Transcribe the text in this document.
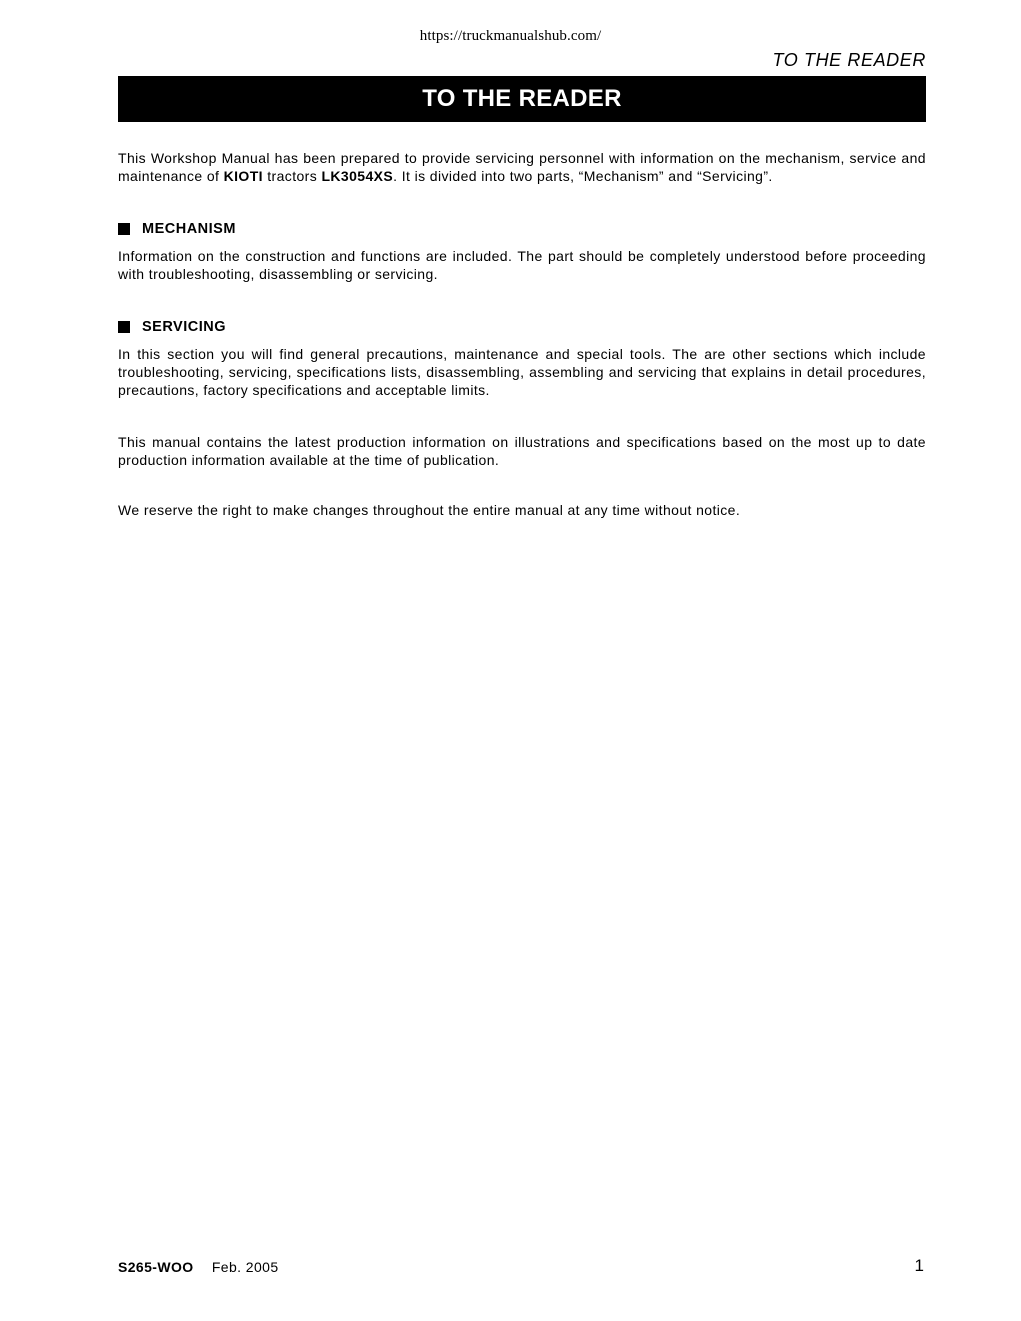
https://truckmanualshub.com/
TO THE READER
TO THE READER

This Workshop Manual has been prepared to provide servicing personnel with information on the mechanism, service and maintenance of KIOTI tractors LK3054XS. It is divided into two parts, “Mechanism” and “Servicing”.

MECHANISM

Information on the construction and functions are included. The part should be completely understood before proceeding with troubleshooting, disassembling or servicing.

SERVICING

In this section you will find general precautions, maintenance and special tools. The are other sections which include troubleshooting, servicing, specifications lists, disassembling, assembling and servicing that explains in detail procedures, precautions, factory specifications and acceptable limits.

This manual contains the latest production information on illustrations and specifications based on the most up to date production information available at the time of publication.

We reserve the right to make changes throughout the entire manual at any time without notice.

S265-WOO Feb. 2005	1
